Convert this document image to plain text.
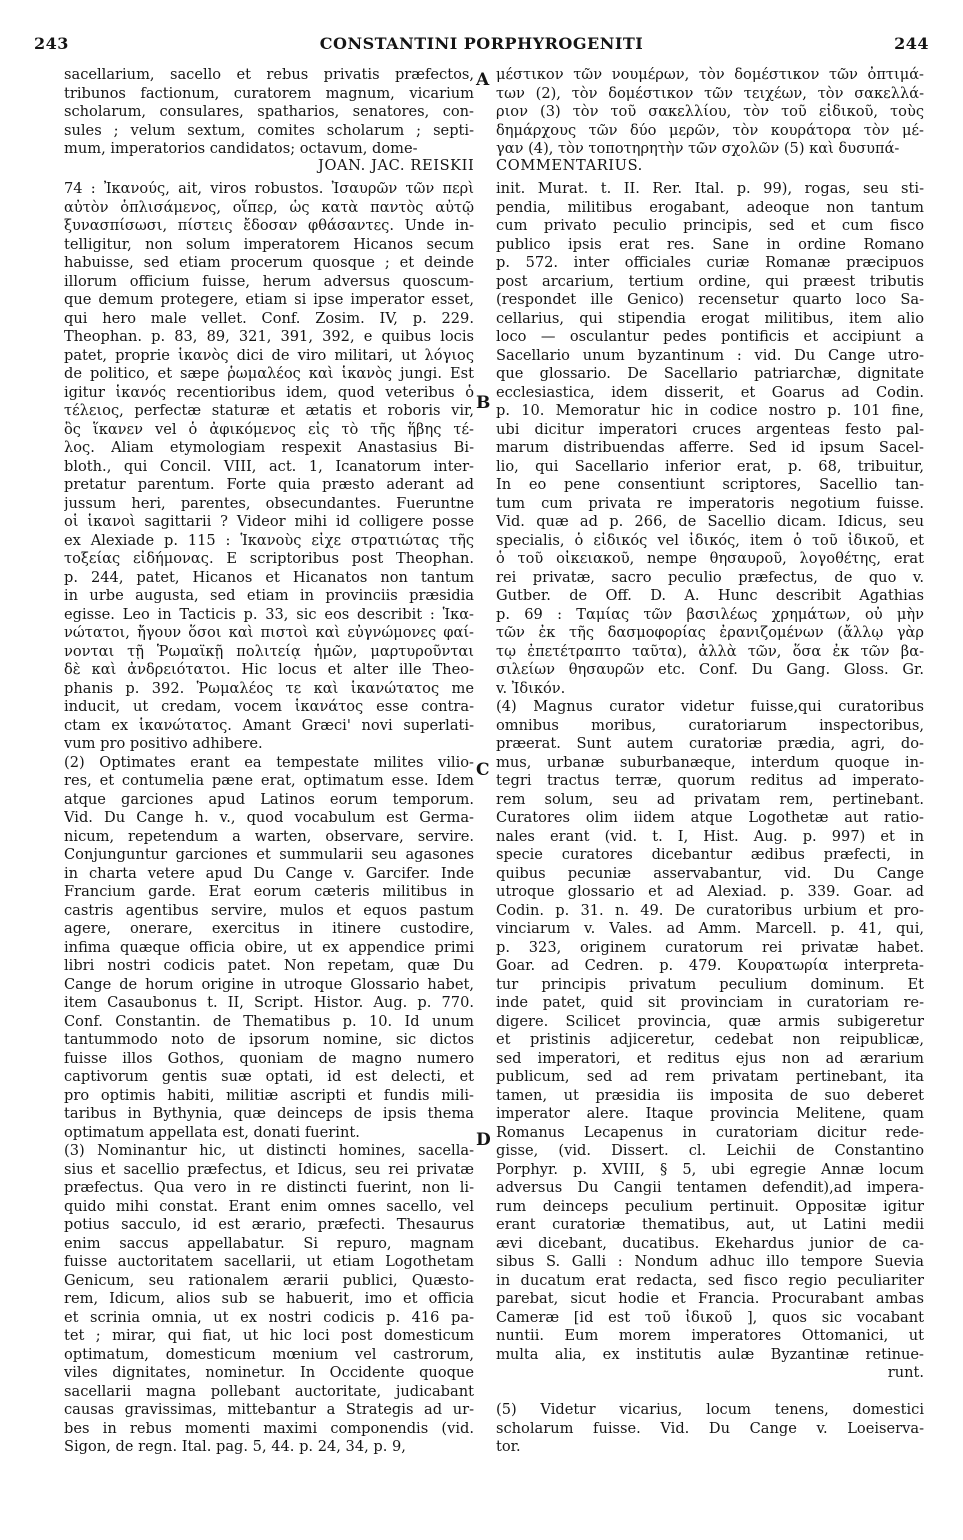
243	CONSTANTINI PORPHYROGENITI	244
sacellarium, sacello et rebus privatis præfectos,
tribunos factionum, curatorem magnum, vicarium
scholarum, consulares, spatharios, senatores, con-
sules ; velum sextum, comites scholarum ; septi-
mum, imperatorios candidatos; octavum, dome-
μέστικον τῶν νουμέρων, τὸν δομέστικον τῶν ὀπτιμά-
των (2), τὸν δομέστικον τῶν τειχέων, τὸν σακελλά-
ριον (3) τὸν τοῦ σακελλίου, τὸν τοῦ εἰδικοῦ, τοὺς
δημάρχους τῶν δύο μερῶν, τὸν κουράτορα τὸν μέ-
γαν (4), τὸν τοποτηρητὴν τῶν σχολῶν (5) καὶ δυσυπά-
A
B
C
D
JOAN. JAC. REISKII COMMENTARIUS.
74 : Ἰκανούς, ait, viros robustos. Ἰσαυρῶν τῶν περὶ
αὐτὸν ὁπλισάμενος, οἵπερ, ὡς κατὰ παντὸς αὐτῷ
ξυνασπίσωσι, πίστεις ἔδοσαν φθάσαντες. Unde in-
telligitur, non solum imperatorem Hicanos secum
habuisse, sed etiam procerum quosque ; et deinde
illorum officium fuisse, herum adversus quoscum-
que demum protegere, etiam si ipse imperator esset,
qui hero male vellet. Conf. Zosim. IV, p. 229.
Theophan. p. 83, 89, 321, 391, 392, e quibus locis
patet, proprie ἱκανὸς dici de viro militari, ut λόγιος
de politico, et sæpe ῥωμαλέος καὶ ἱκανὸς jungi. Est
igitur ἱκανός recentioribus idem, quod veteribus ὁ
τέλειος, perfectæ staturæ et ætatis et roboris vir,
ὃς ἵκανεν vel ὁ ἀφικόμενος εἰς τὸ τῆς ἥβης τέ-
λος. Aliam etymologiam respexit Anastasius Bi-
bloth., qui Concil. VIII, act. 1, Icanatorum inter-
pretatur parentum. Forte quia præsto aderant ad
jussum heri, parentes, obsecundantes. Fueruntne
οἱ ἱκανοὶ sagittarii ? Videor mihi id colligere posse
ex Alexiade p. 115 : Ἱκανοὺς εἶχε στρατιώτας τῆς
τοξείας εἰδήμονας. E scriptoribus post Theophan.
p. 244, patet, Hicanos et Hicanatos non tantum
in urbe augusta, sed etiam in provinciis præsidia
egisse. Leo in Tacticis p. 33, sic eos describit : Ἱκα-
νώτατοι, ἤγουν ὅσοι καὶ πιστοὶ καὶ εὐγνώμονες φαί-
νονται τῇ Ῥωμαϊκῇ πολιτείᾳ ἡμῶν, μαρτυροῦνται
δὲ καὶ ἀνδρειότατοι. Hic locus et alter ille Theo-
phanis p. 392. Ῥωμαλέος τε καὶ ἱκανώτατος me
inducit, ut credam, vocem ἱκανάτος esse contra-
ctam ex ἱκανώτατος. Amant Græci' novi superlati-
vum pro positivo adhibere.
(2) Optimates erant ea tempestate milites vilio-
res, et contumelia pæne erat, optimatum esse. Idem
atque garciones apud Latinos eorum temporum.
Vid. Du Cange h. v., quod vocabulum est Germa-
nicum, repetendum a warten, observare, servire.
Conjunguntur garciones et summularii seu agasones
in charta vetere apud Du Cange v. Garcifer. Inde
Francium garde. Erat eorum cæteris militibus in
castris agentibus servire, mulos et equos pastum
agere, onerare, exercitus in itinere custodire,
infima quæque officia obire, ut ex appendice primi
libri nostri codicis patet. Non repetam, quæ Du
Cange de horum origine in utroque Glossario habet,
item Casaubonus t. II, Script. Histor. Aug. p. 770.
Conf. Constantin. de Thematibus p. 10. Id unum
tantummodo noto de ipsorum nomine, sic dictos
fuisse illos Gothos, quoniam de magno numero
captivorum gentis suæ optati, id est delecti, et
pro optimis habiti, militiæ ascripti et fundis mili-
taribus in Bythynia, quæ deinceps de ipsis thema
optimatum appellata est, donati fuerint.
(3) Nominantur hic, ut distincti homines, sacella-
sius et sacellio præfectus, et Idicus, seu rei privatæ
præfectus. Qua vero in re distincti fuerint, non li-
quido mihi constat. Erant enim omnes sacello, vel
potius sacculo, id est ærario, præfecti. Thesaurus
enim saccus appellabatur. Si repuro, magnam
fuisse auctoritatem sacellarii, ut etiam Logothetam
Genicum, seu rationalem ærarii publici, Quæsto-
rem, Idicum, alios sub se habuerit, imo et officia
et scrinia omnia, ut ex nostri codicis p. 416 pa-
tet ; mirar, qui fiat, ut hic loci post domesticum
optimatum, domesticum mœnium vel castrorum,
viles dignitates, nominetur. In Occidente quoque
sacellarii magna pollebant auctoritate, judicabant
causas gravissimas, mittebantur a Strategis ad ur-
bes in rebus momenti maximi componendis (vid.
Sigon, de regn. Ital. pag. 5, 44. p. 24, 34, p. 9,
init. Murat. t. II. Rer. Ital. p. 99), rogas, seu sti-
pendia, militibus erogabant, adeoque non tantum
cum privato peculio principis, sed et cum fisco
publico ipsis erat res. Sane in ordine Romano
p. 572. inter officiales curiæ Romanæ præcipuos
post arcarium, tertium ordine, qui præest tributis
(respondet ille Genico) recensetur quarto loco Sa-
cellarius, qui stipendia erogat militibus, item alio
loco — osculantur pedes pontificis et accipiunt a
Sacellario unum byzantinum : vid. Du Cange utro-
que glossario. De Sacellario patriarchæ, dignitate
ecclesiastica, idem disserit, et Goarus ad Codin.
p. 10. Memoratur hic in codice nostro p. 101 fine,
ubi dicitur imperatori cruces argenteas festo pal-
marum distribuendas afferre. Sed id ipsum Sacel-
lio, qui Sacellario inferior erat, p. 68, tribuitur,
In eo pene consentiunt scriptores, Sacellio tan-
tum cum privata re imperatoris negotium fuisse.
Vid. quæ ad p. 266, de Sacellio dicam. Idicus, seu
specialis, ὁ εἰδικός vel ἰδικός, item ὁ τοῦ ἰδικοῦ, et
ὁ τοῦ οἰκειακοῦ, nempe θησαυροῦ, λογοθέτης, erat
rei privatæ, sacro peculio præfectus, de quo v.
Gutber. de Off. D. A. Hunc describit Agathias
p. 69 : Ταμίας τῶν βασιλέως χρημάτων, οὐ μὴν
τῶν ἐκ τῆς δασμοφορίας ἐρανιζομένων (ἄλλῳ γὰρ
τῳ ἐπετέτραπτο ταῦτα), ἀλλὰ τῶν, ὅσα ἐκ τῶν βα-
σιλείων θησαυρῶν etc. Conf. Du Gang. Gloss. Gr.
v. Ἰδικόν.
(4) Magnus curator videtur fuisse,qui curatoribus
omnibus moribus, curatoriarum inspectoribus,
præerat. Sunt autem curatoriæ prædia, agri, do-
mus, urbanæ suburbanæque, interdum quoque in-
tegri tractus terræ, quorum reditus ad imperato-
rem solum, seu ad privatam rem, pertinebant.
Curatores olim iidem atque Logothetæ aut ratio-
nales erant (vid. t. I, Hist. Aug. p. 997) et in
specie curatores dicebantur ædibus præfecti, in
quibus pecuniæ asservabantur, vid. Du Cange
utroque glossario et ad Alexiad. p. 339. Goar. ad
Codin. p. 31. n. 49. De curatoribus urbium et pro-
vinciarum v. Vales. ad Amm. Marcell. p. 41, qui,
p. 323, originem curatorum rei privatæ habet.
Goar. ad Cedren. p. 479. Κουρατωρία interpreta-
tur principis privatum peculium dominum. Et
inde patet, quid sit provinciam in curatoriam re-
digere. Scilicet provincia, quæ armis subigeretur
et pristinis adjiceretur, cedebat non reipublicæ,
sed imperatori, et reditus ejus non ad ærarium
publicum, sed ad rem privatam pertinebant, ita
tamen, ut præsidia iis imposita de suo deberet
imperator alere. Itaque provincia Melitene, quam
Romanus Lecapenus in curatoriam dicitur rede-
gisse, (vid. Dissert. cl. Leichii de Constantino
Porphyr. p. XVIII, § 5, ubi egregie Annæ locum
adversus Du Cangii tentamen defendit),ad impera-
rum deinceps peculium pertinuit. Oppositæ igitur
erant curatoriæ thematibus, aut, ut Latini medii
ævi dicebant, ducatibus. Ekehardus junior de ca-
sibus S. Galli : Nondum adhuc illo tempore Suevia
in ducatum erat redacta, sed fisco regio peculiariter
parebat, sicut hodie et Francia. Procurabant ambas
Cameræ [id est τοῦ ἰδικοῦ ], quos sic vocabant
nuntii. Eum morem imperatores Ottomanici, ut
multa alia, ex institutis aulæ Byzantinæ retinue-
runt.

(5) Videtur vicarius, locum tenens, domestici
scholarum fuisse. Vid. Du Cange v. Loeiserva-
tor.
